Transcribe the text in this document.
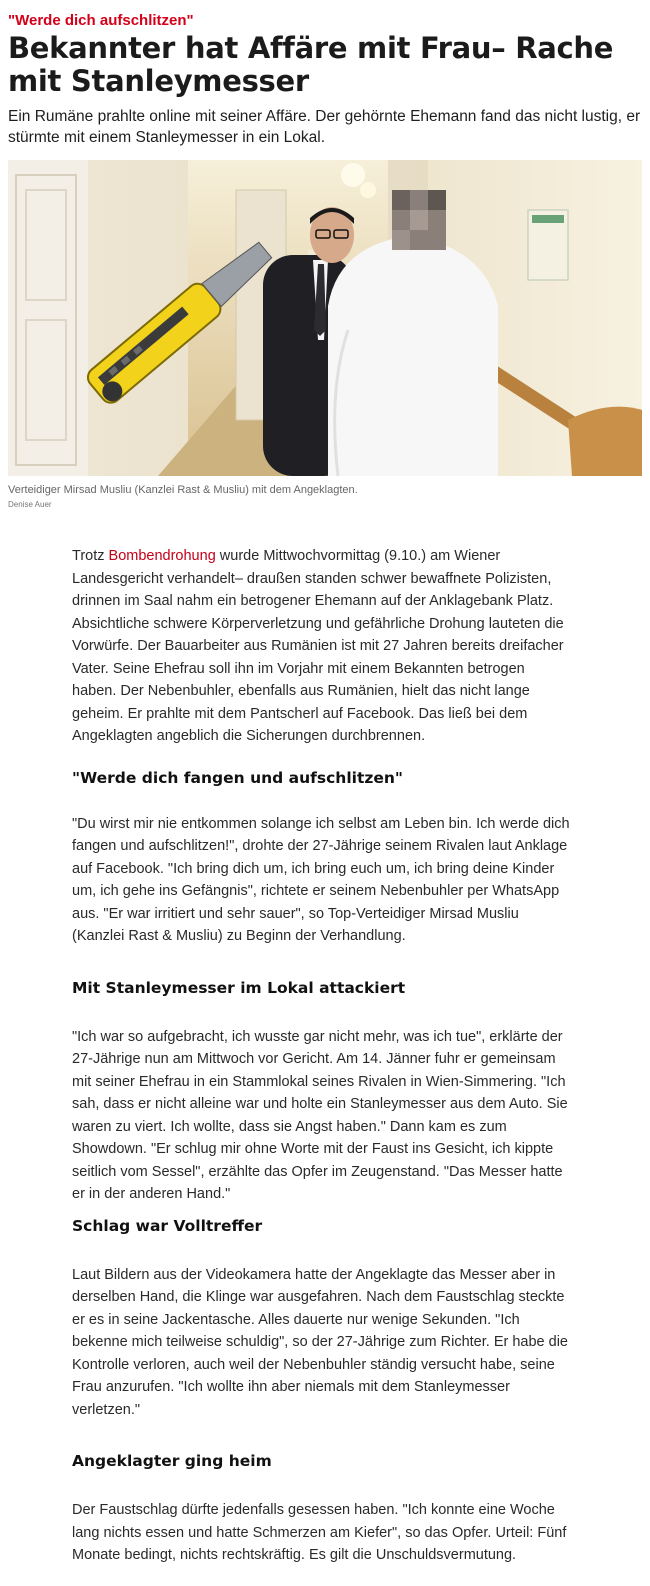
"Werde dich aufschlitzen"
Bekannter hat Affäre mit Frau– Rache mit Stanleymesser

Ein Rumäne prahlte online mit seiner Affäre. Der gehörnte Ehemann fand das nicht lustig, er stürmte mit einem Stanleymesser in ein Lokal.

Verteidiger Mirsad Musliu (Kanzlei Rast & Musliu) mit dem Angeklagten.
Denise Auer

Trotz Bombendrohung wurde Mittwochvormittag (9.10.) am Wiener Landesgericht verhandelt– draußen standen schwer bewaffnete Polizisten, drinnen im Saal nahm ein betrogener Ehemann auf der Anklagebank Platz. Absichtliche schwere Körperverletzung und gefährliche Drohung lauteten die Vorwürfe. Der Bauarbeiter aus Rumänien ist mit 27 Jahren bereits dreifacher Vater. Seine Ehefrau soll ihn im Vorjahr mit einem Bekannten betrogen haben. Der Nebenbuhler, ebenfalls aus Rumänien, hielt das nicht lange geheim. Er prahlte mit dem Pantscherl auf Facebook. Das ließ bei dem Angeklagten angeblich die Sicherungen durchbrennen.

"Werde dich fangen und aufschlitzen"

"Du wirst mir nie entkommen solange ich selbst am Leben bin. Ich werde dich fangen und aufschlitzen!", drohte der 27-Jährige seinem Rivalen laut Anklage auf Facebook. "Ich bring dich um, ich bring euch um, ich bring deine Kinder um, ich gehe ins Gefängnis", richtete er seinem Nebenbuhler per WhatsApp aus. "Er war irritiert und sehr sauer", so Top-Verteidiger Mirsad Musliu (Kanzlei Rast & Musliu) zu Beginn der Verhandlung.

Mit Stanleymesser im Lokal attackiert

"Ich war so aufgebracht, ich wusste gar nicht mehr, was ich tue", erklärte der 27-Jährige nun am Mittwoch vor Gericht. Am 14. Jänner fuhr er gemeinsam mit seiner Ehefrau in ein Stammlokal seines Rivalen in Wien-Simmering. "Ich sah, dass er nicht alleine war und holte ein Stanleymesser aus dem Auto. Sie waren zu viert. Ich wollte, dass sie Angst haben." Dann kam es zum Showdown. "Er schlug mir ohne Worte mit der Faust ins Gesicht, ich kippte seitlich vom Sessel", erzählte das Opfer im Zeugenstand. "Das Messer hatte er in der anderen Hand."

Schlag war Volltreffer

Laut Bildern aus der Videokamera hatte der Angeklagte das Messer aber in derselben Hand, die Klinge war ausgefahren. Nach dem Faustschlag steckte er es in seine Jackentasche. Alles dauerte nur wenige Sekunden. "Ich bekenne mich teilweise schuldig", so der 27-Jährige zum Richter. Er habe die Kontrolle verloren, auch weil der Nebenbuhler ständig versucht habe, seine Frau anzurufen. "Ich wollte ihn aber niemals mit dem Stanleymesser verletzen."

Angeklagter ging heim

Der Faustschlag dürfte jedenfalls gesessen haben. "Ich konnte eine Woche lang nichts essen und hatte Schmerzen am Kiefer", so das Opfer. Urteil: Fünf Monate bedingt, nichts rechtskräftig. Es gilt die Unschuldsvermutung.
